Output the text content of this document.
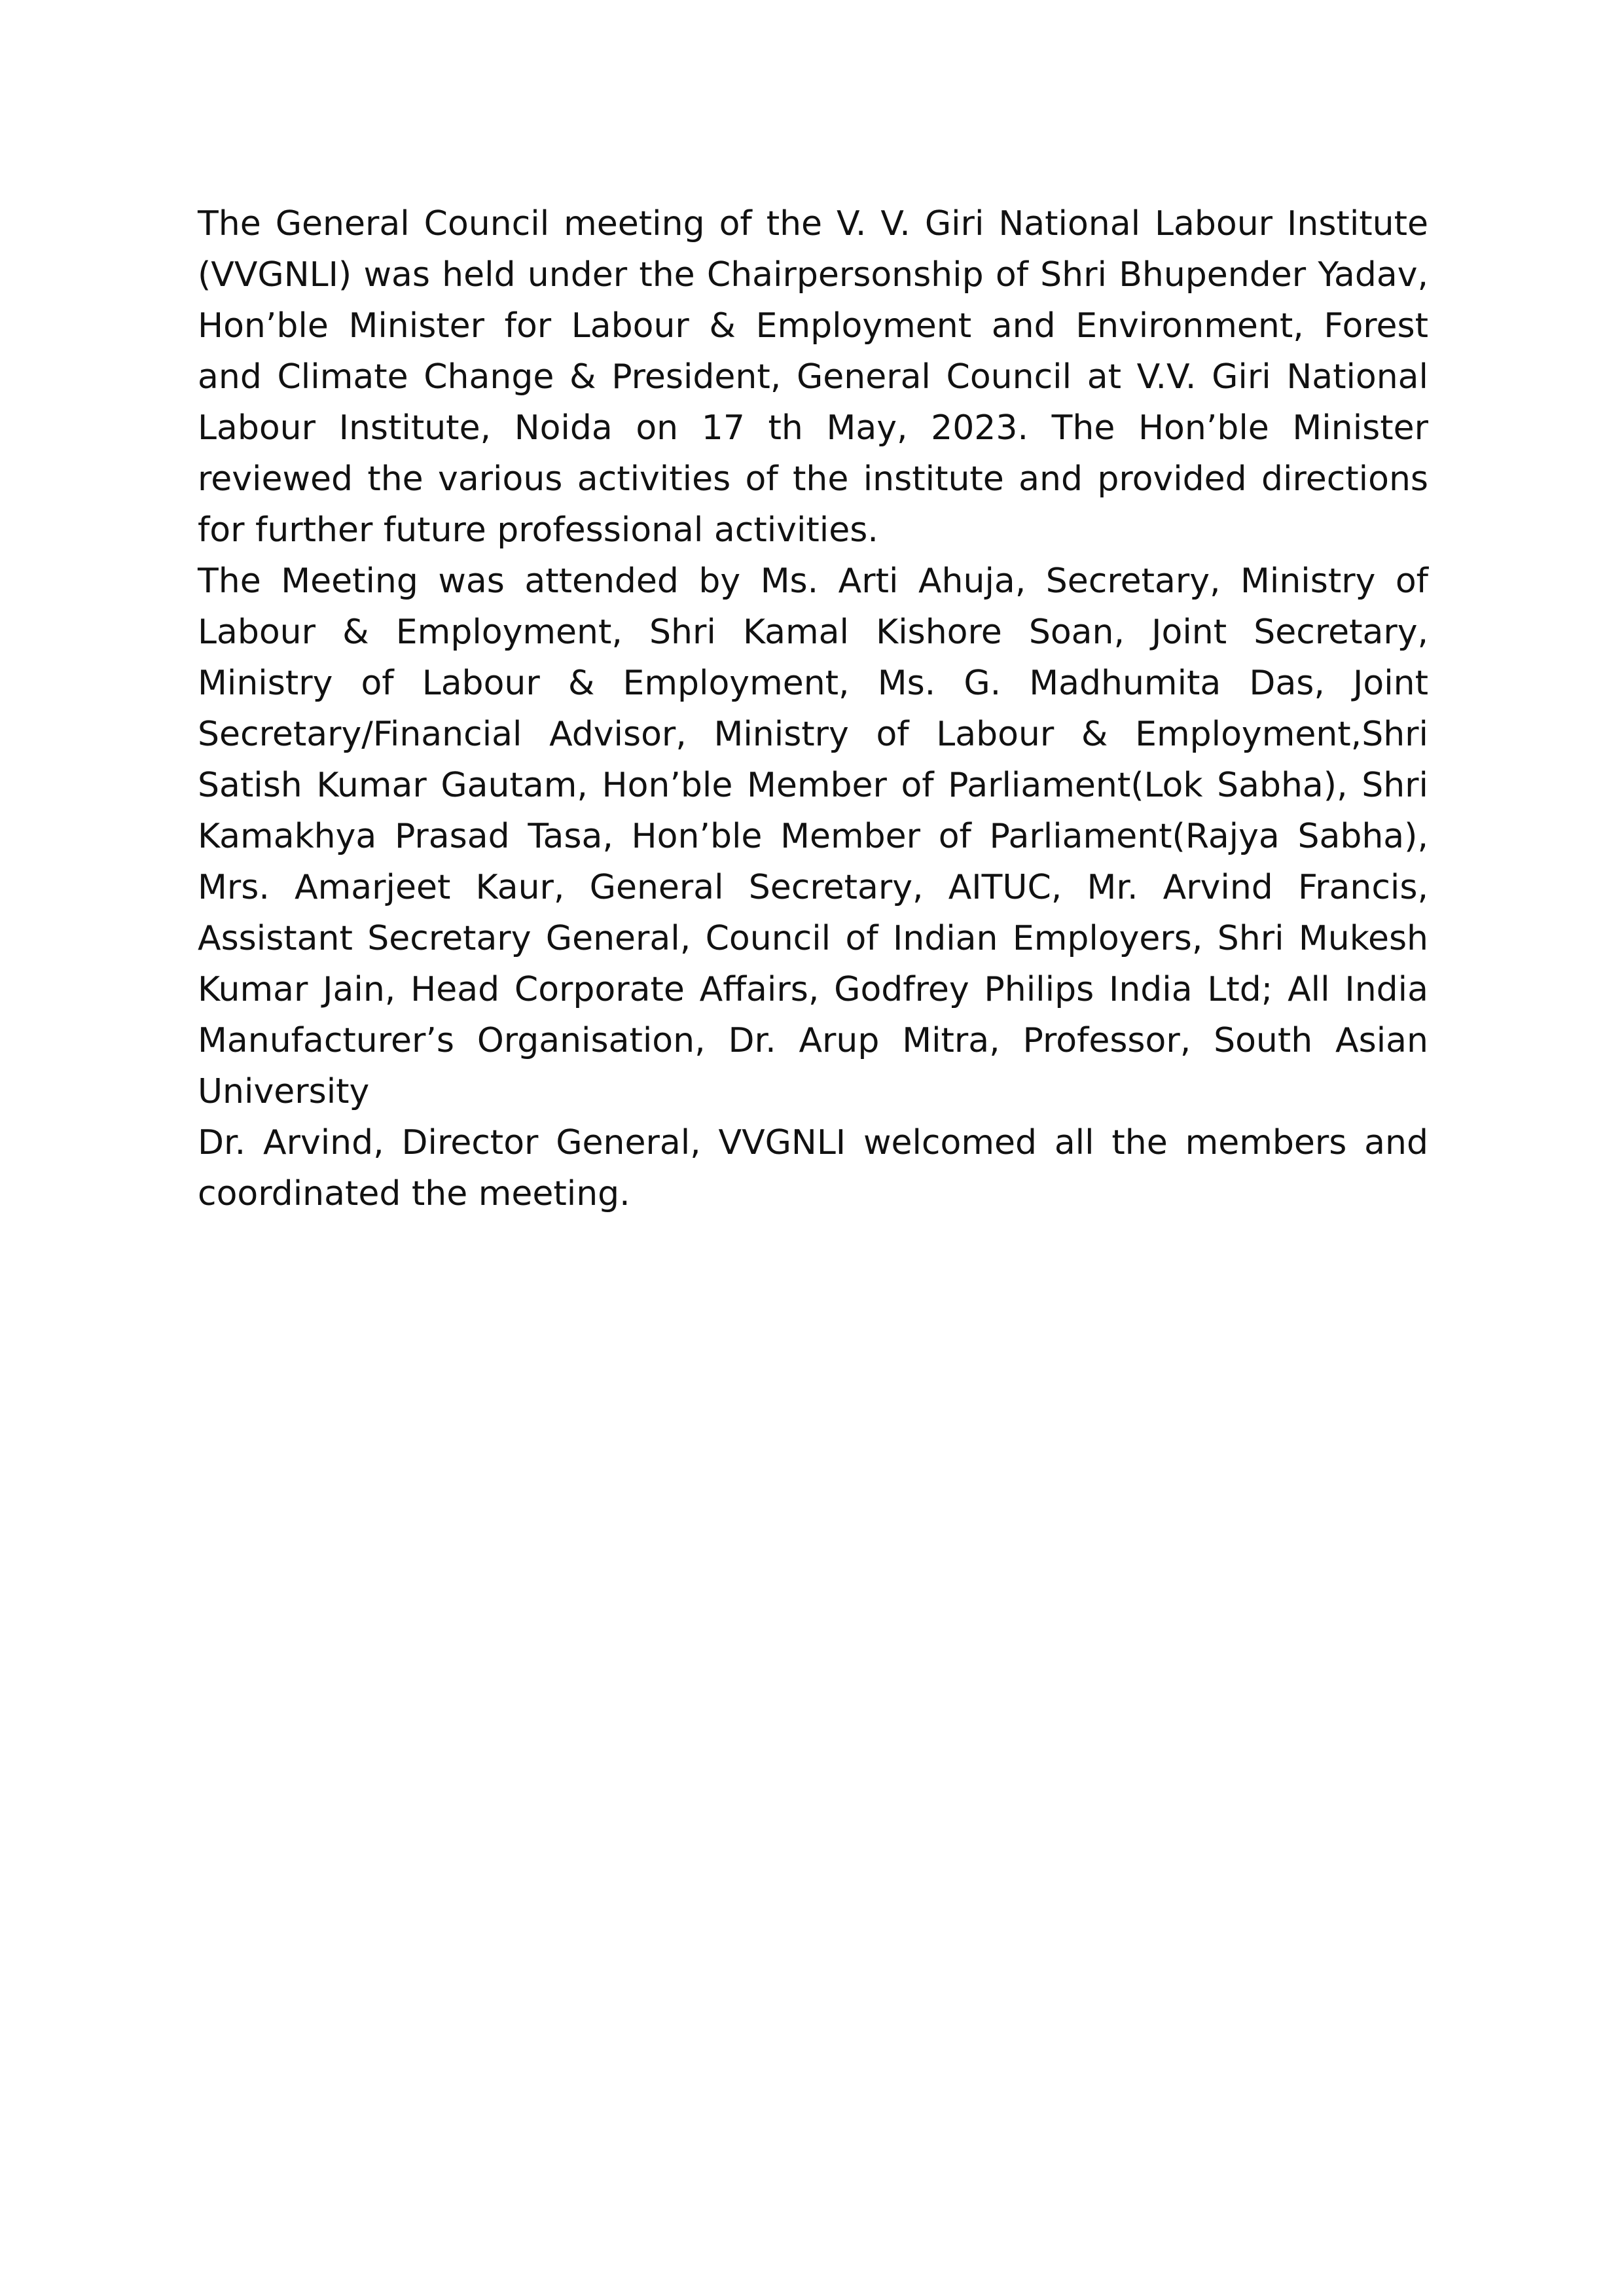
The General Council meeting of the V. V. Giri National Labour Institute (VVGNLI) was held under the Chairpersonship of Shri Bhupender Yadav, Hon’ble Minister for Labour & Employment and Environment, Forest and Climate Change & President, General Council at V.V. Giri National Labour Institute, Noida on 17 th May, 2023. The Hon’ble Minister reviewed the various activities of the institute and provided directions for further future professional activities.

The Meeting was attended by Ms. Arti Ahuja, Secretary, Ministry of Labour & Employment, Shri Kamal Kishore Soan, Joint Secretary, Ministry of Labour & Employment, Ms. G. Madhumita Das, Joint Secretary/Financial Advisor, Ministry of Labour & Employment,Shri Satish Kumar Gautam, Hon’ble Member of Parliament(Lok Sabha), Shri Kamakhya Prasad Tasa, Hon’ble Member of Parliament(Rajya Sabha), Mrs. Amarjeet Kaur, General Secretary, AITUC, Mr. Arvind Francis, Assistant Secretary General, Council of Indian Employers, Shri Mukesh Kumar Jain, Head Corporate Affairs, Godfrey Philips India Ltd; All India Manufacturer’s Organisation, Dr. Arup Mitra, Professor, South Asian University

Dr. Arvind, Director General, VVGNLI welcomed all the members and coordinated the meeting.
